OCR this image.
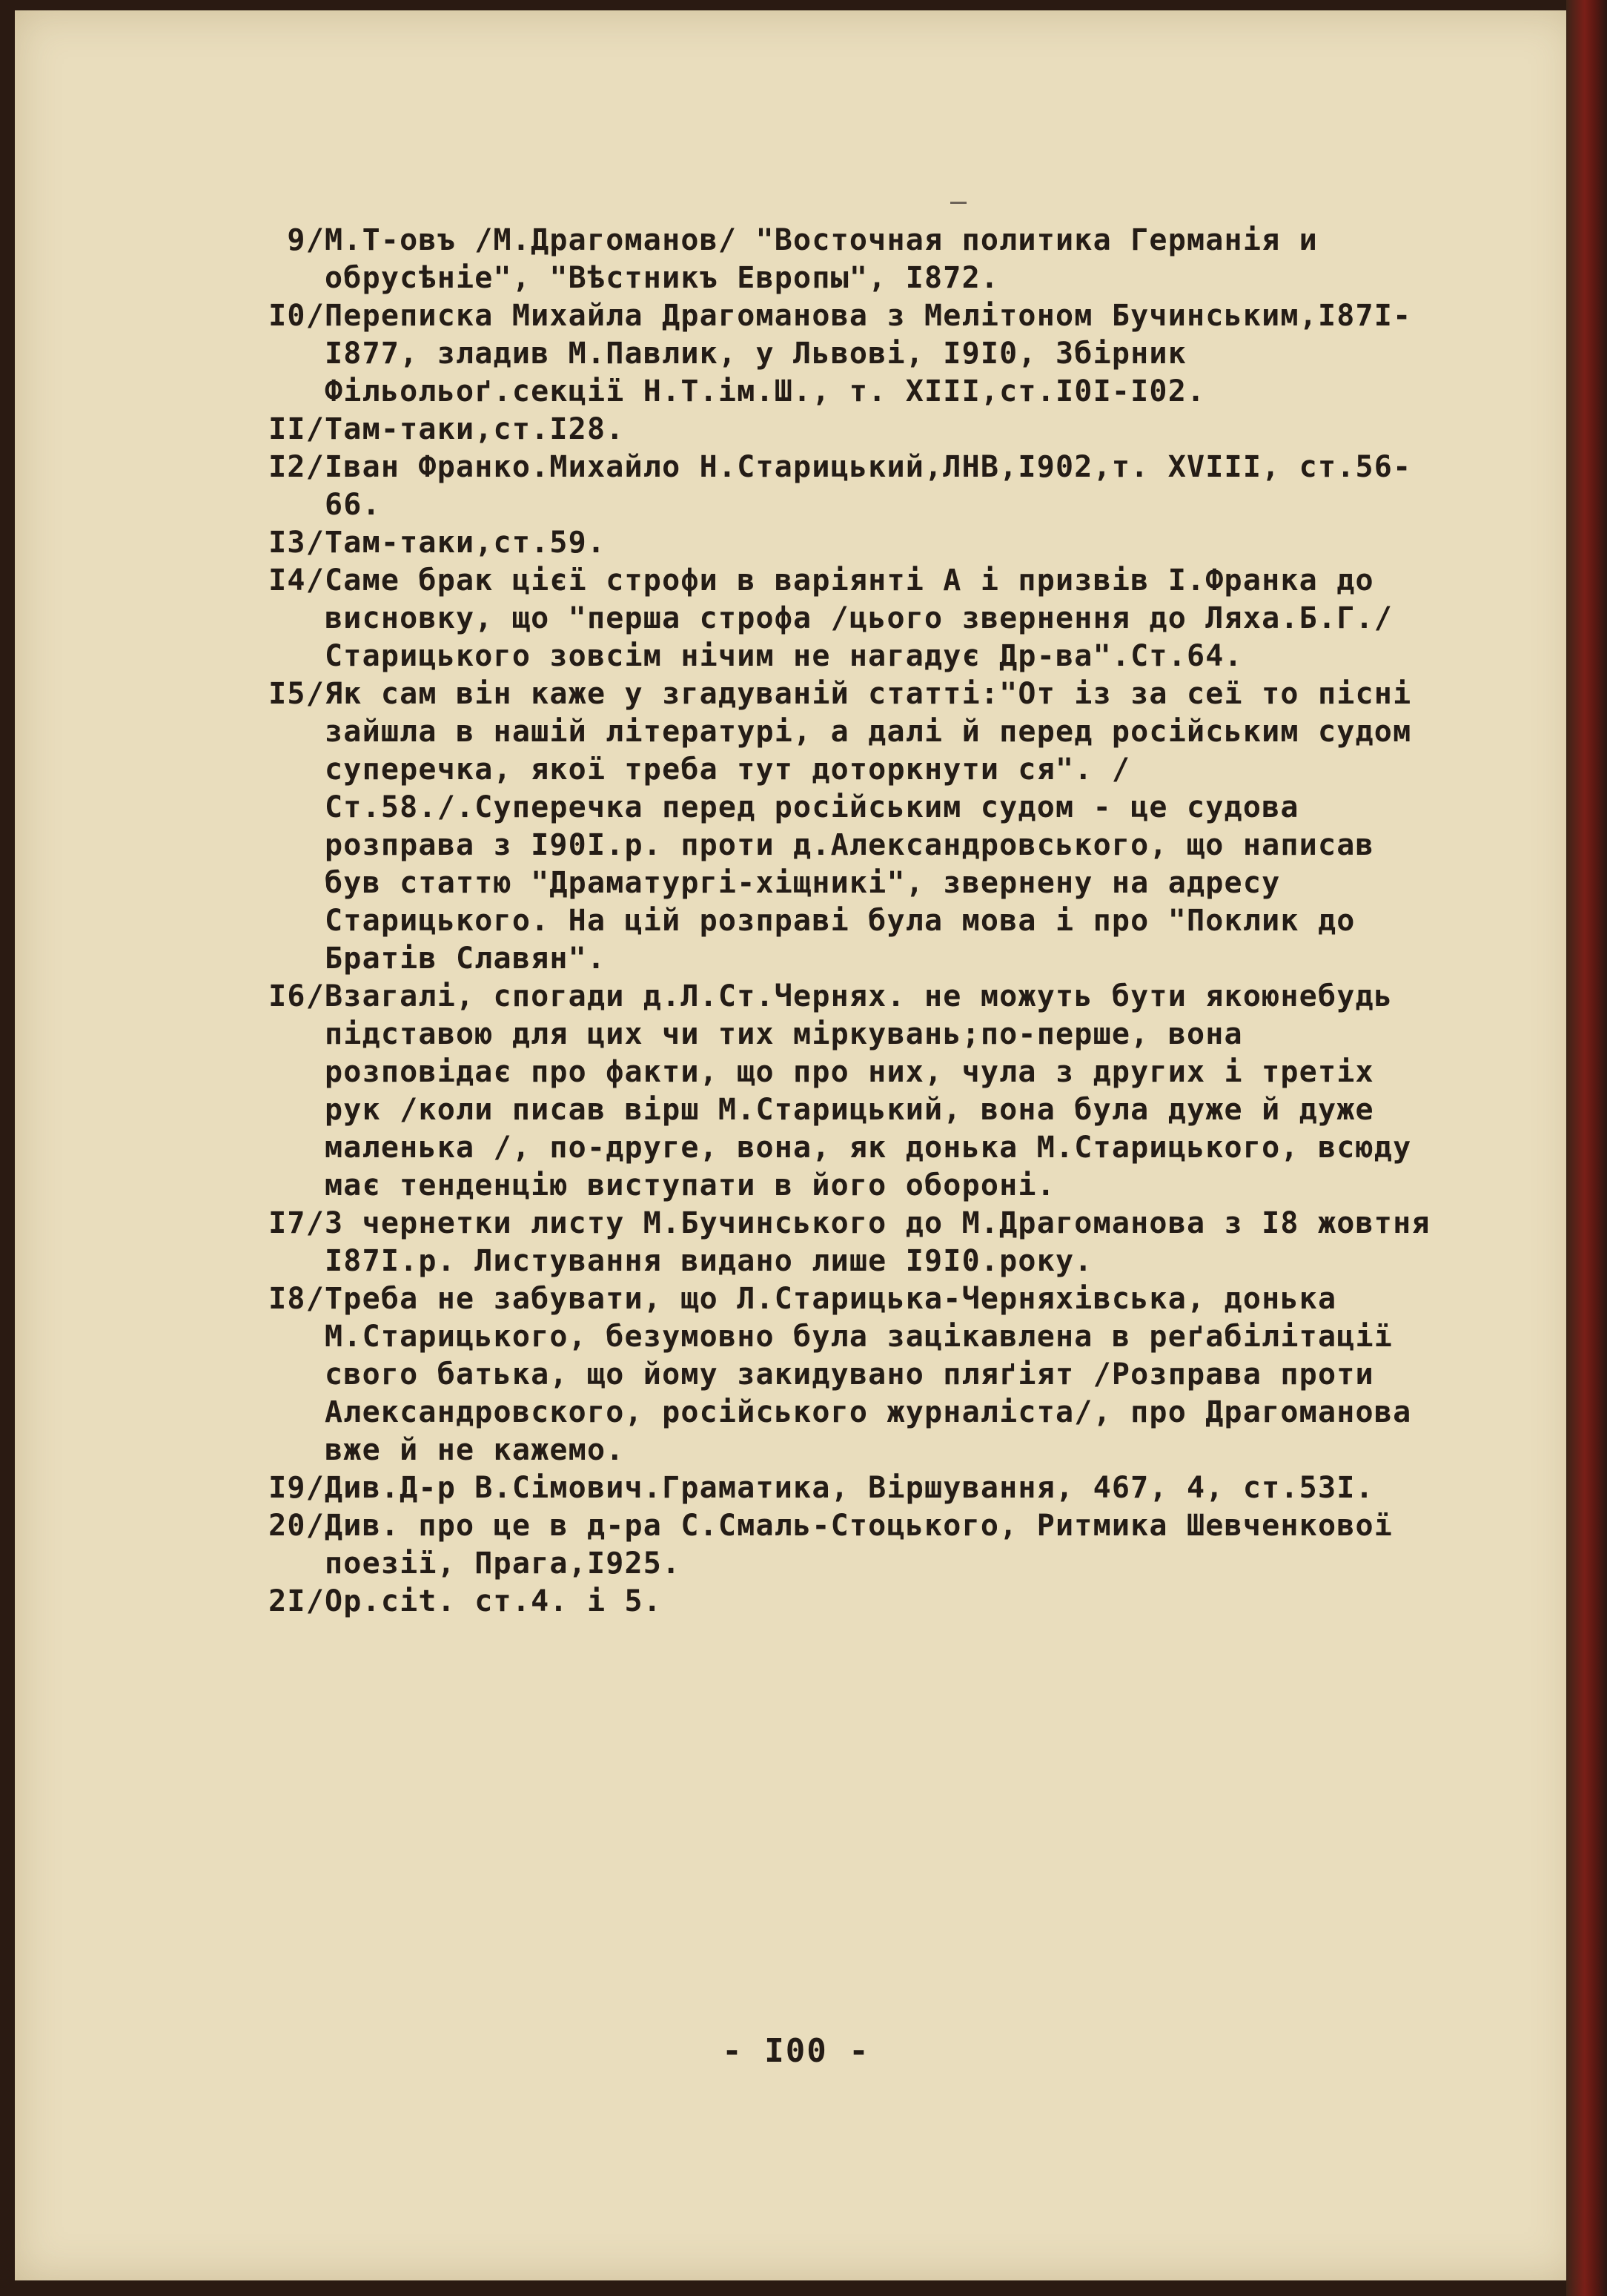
9/ М.Т-овъ /М.Драгоманов/ "Восточная политика Германія и обрусѣніе", "Вѣстникъ Европы", І872.
І0/ Переписка Михайла Драгоманова з Мелітоном Бучинським,І87І-І877, зладив М.Павлик, у Львові, І9І0, Збірник Фільольоґ.секції Н.Т.ім.Ш., т. XIII,ст.І0І-І02.
ІІ/ Там-таки,ст.І28.
І2/ Іван Франко.Михайло Н.Старицький,ЛНВ,І902,т. XVIII, ст.56-66.
І3/ Там-таки,ст.59.
І4/ Саме брак цієї строфи в варіянті А і призвів І.Франка до висновку, що "перша строфа /цього звернення до Ляха.Б.Г./ Старицького зовсім нічим не нагадує Др-ва".Ст.64.
І5/ Як сам він каже у згадуваній статті:"От із за сеї то пісні зайшла в нашій літературі, а далі й перед російським судом суперечка, якої треба тут доторкнути ся". /Ст.58./.Суперечка перед російським судом - це судова розправа з І90І.р. проти д.Александровського, що написав був статтю "Драматургі-хіщникі", звернену на адресу Старицького. На цій розправі була мова і про "Поклик до Братів Славян".
І6/ Взагалі, спогади д.Л.Ст.Чернях. не можуть бути якоюнебудь підставою для цих чи тих міркувань;по-перше, вона розповідає про факти, що про них, чула з других і третіх рук /коли писав вірш М.Старицький, вона була дуже й дуже маленька /, по-друге, вона, як донька М.Старицького, всюду має тенденцію виступати в його обороні.
І7/ З чернетки листу М.Бучинського до М.Драгоманова з І8 жовтня І87І.р. Листування видано лише І9І0.року.
І8/ Треба не забувати, що Л.Старицька-Черняхівська, донька М.Старицького, безумовно була зацікавлена в реґабілітації свого батька, що йому закидувано пляґіят /Розправа проти Александровского, російського журналіста/, про Драгоманова вже й не кажемо.
І9/ Див.Д-р В.Сімович.Граматика, Віршування, 467, 4, ст.53І.
20/ Див. про це в д-ра С.Смаль-Стоцького, Ритмика Шевченкової поезії, Прага,І925.
2І/ Op.cit. ст.4. і 5.
- І00 -
